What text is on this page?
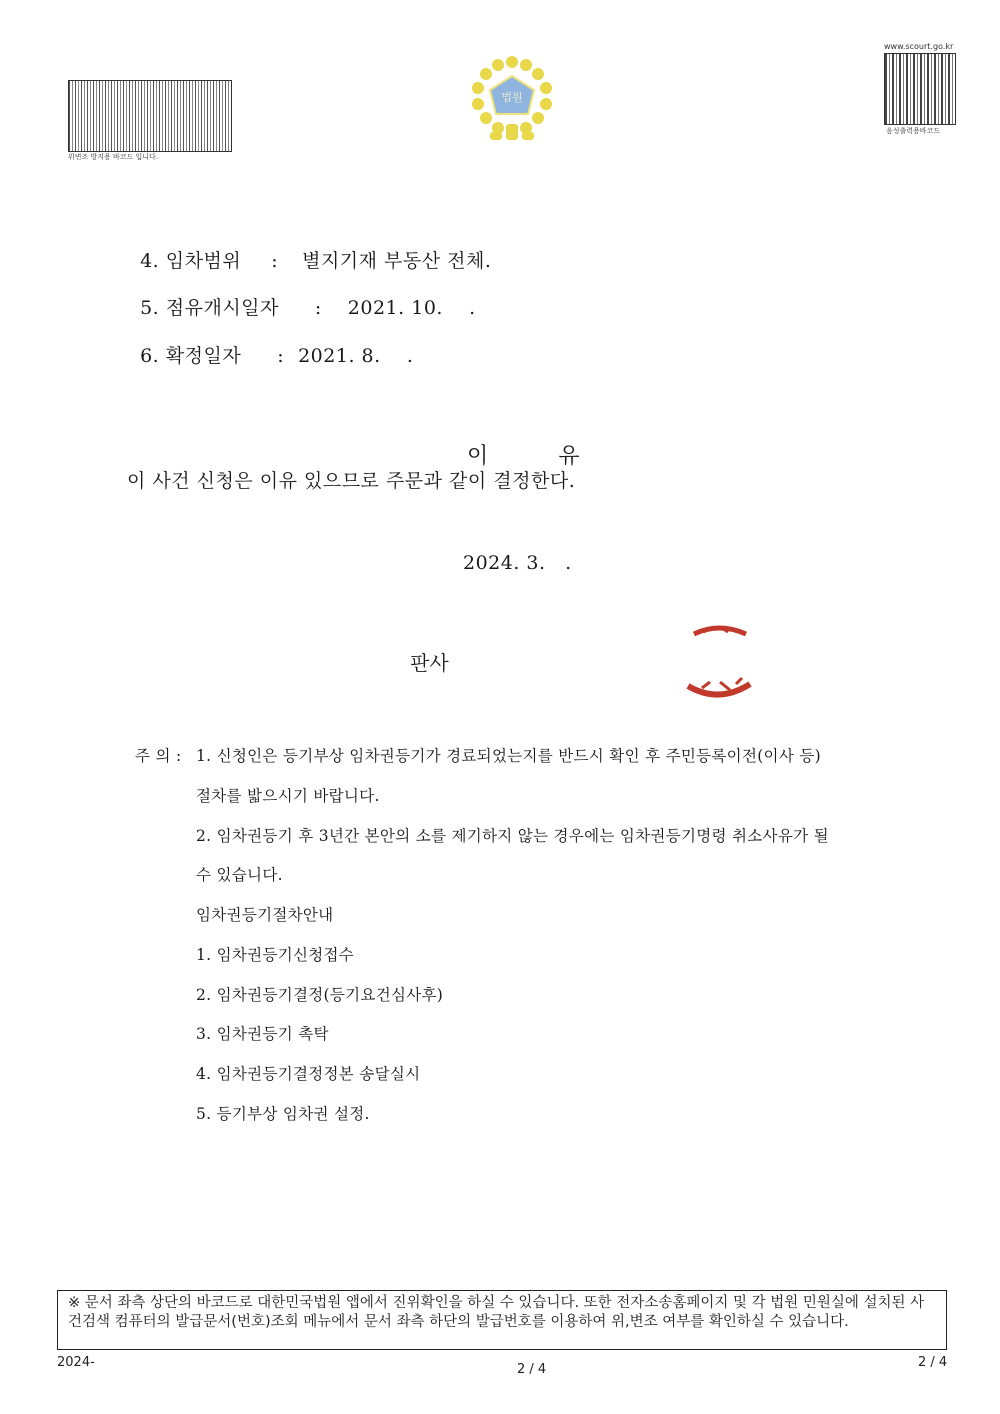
위변조 방지용 바코드 입니다.
법원
www.scourt.go.kr
음성출력용바코드

4. 임차범위 : 별지기재 부동산 전체.

5. 점유개시일자 : 2021. 10.    .

6. 확정일자 : 2021. 8.    .

이	유

이 사건 신청은 이유 있으므로 주문과 같이 결정한다.
2024. 3.   .
판사
주 의 : 1. 신청인은 등기부상 임차권등기가 경료되었는지를 반드시 확인 후 주민등록이전(이사 등)
절차를 밟으시기 바랍니다.
2. 임차권등기 후 3년간 본안의 소를 제기하지 않는 경우에는 임차권등기명령 취소사유가 될
수 있습니다.
임차권등기절차안내
1. 임차권등기신청접수
2. 임차권등기결정(등기요건심사후)
3. 임차권등기 촉탁
4. 임차권등기결정정본 송달실시
5. 등기부상 임차권 설정.
※ 문서 좌측 상단의 바코드로 대한민국법원 앱에서 진위확인을 하실 수 있습니다. 또한 전자소송홈페이지 및 각 법원 민원실에 설치된 사건검색 컴퓨터의 발급문서(번호)조회 메뉴에서 문서 좌측 하단의 발급번호를 이용하여 위,변조 여부를 확인하실 수 있습니다.
2024-	2 / 4	2 / 4
